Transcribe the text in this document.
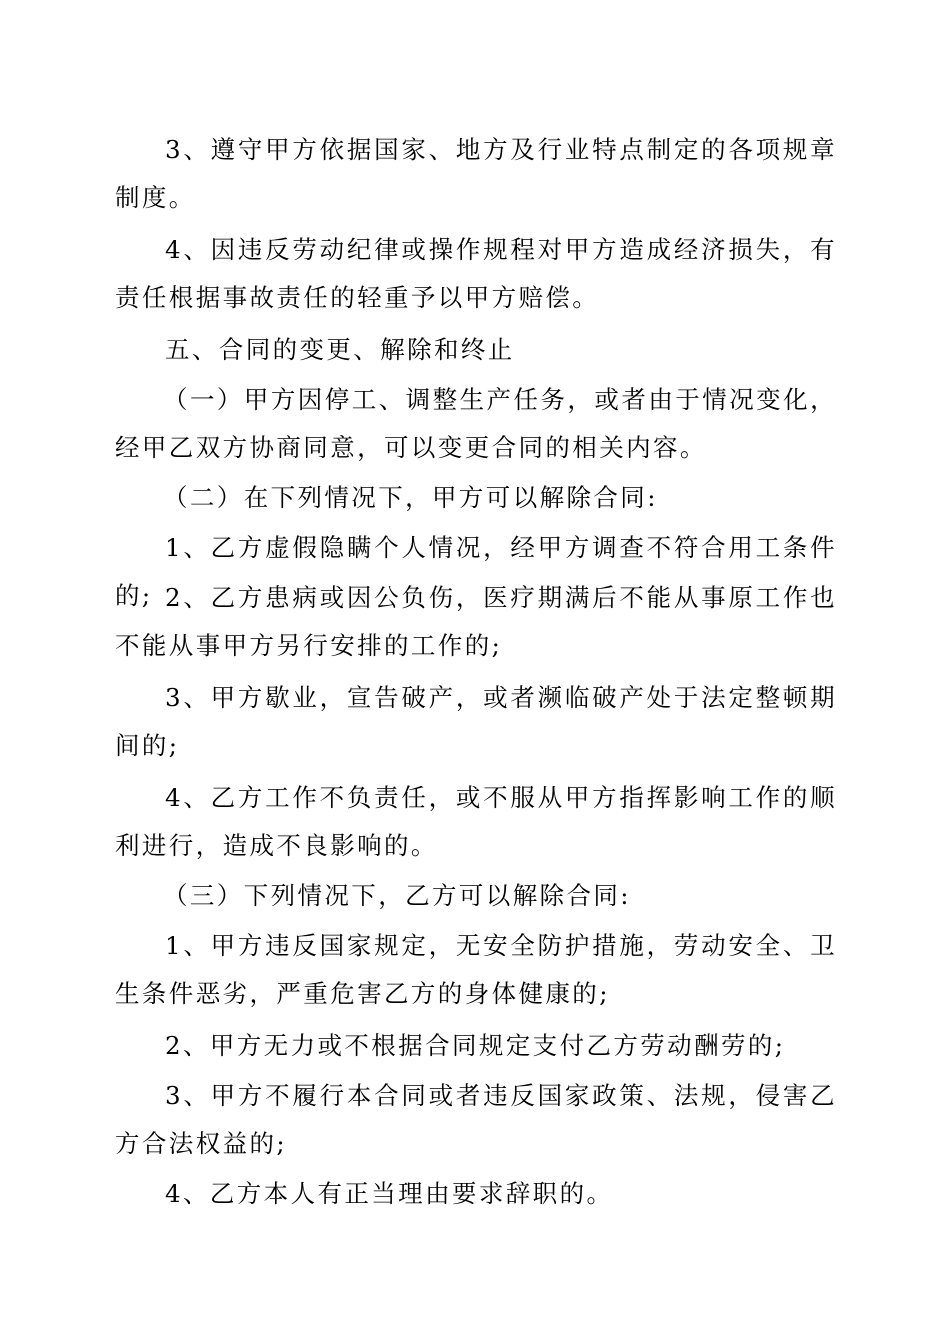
3、遵守甲方依据国家、地方及行业特点制定的各项规章制度。

4、因违反劳动纪律或操作规程对甲方造成经济损失，有责任根据事故责任的轻重予以甲方赔偿。

五、合同的变更、解除和终止

（一）甲方因停工、调整生产任务，或者由于情况变化，经甲乙双方协商同意，可以变更合同的相关内容。

（二）在下列情况下，甲方可以解除合同:

1、乙方虚假隐瞒个人情况，经甲方调查不符合用工条件的; 2、乙方患病或因公负伤，医疗期满后不能从事原工作也不能从事甲方另行安排的工作的;

3、甲方歇业，宣告破产，或者濒临破产处于法定整顿期间的;

4、乙方工作不负责任，或不服从甲方指挥影响工作的顺利进行，造成不良影响的。

（三）下列情况下，乙方可以解除合同:

1、甲方违反国家规定，无安全防护措施，劳动安全、卫生条件恶劣，严重危害乙方的身体健康的;

2、甲方无力或不根据合同规定支付乙方劳动酬劳的;

3、甲方不履行本合同或者违反国家政策、法规，侵害乙方合法权益的;

4、乙方本人有正当理由要求辞职的。
